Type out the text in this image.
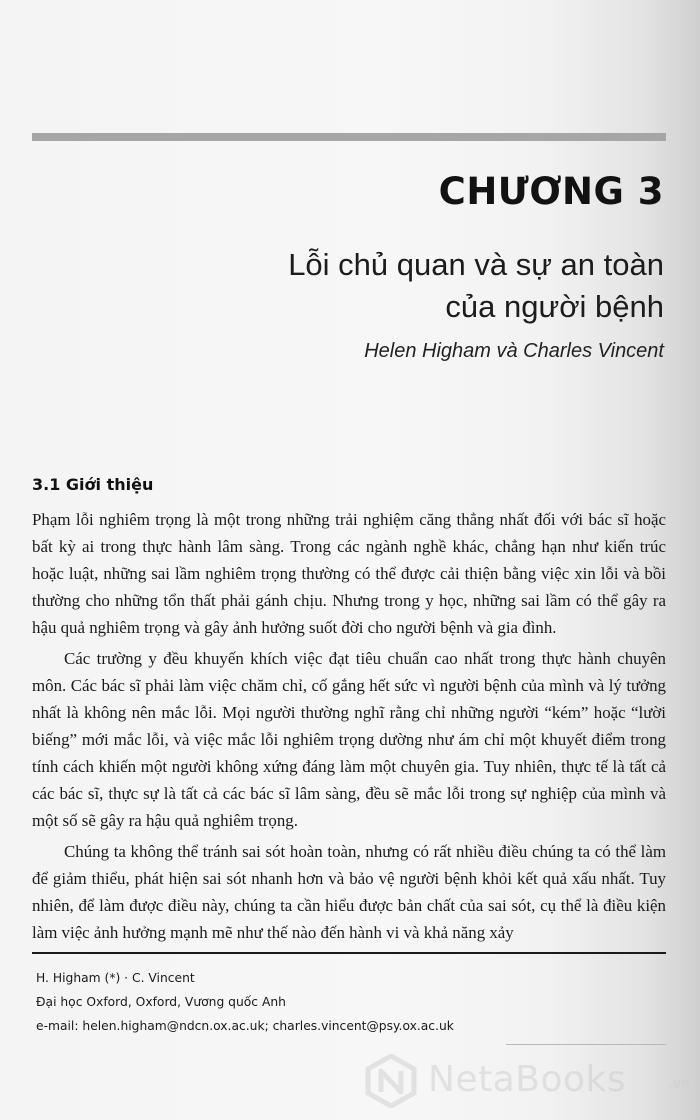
CHƯƠNG 3
Lỗi chủ quan và sự an toàn
của người bệnh

Helen Higham và Charles Vincent

3.1 Giới thiệu

Phạm lỗi nghiêm trọng là một trong những trải nghiệm căng thẳng nhất đối với bác sĩ hoặc bất kỳ ai trong thực hành lâm sàng. Trong các ngành nghề khác, chẳng hạn như kiến trúc hoặc luật, những sai lầm nghiêm trọng thường có thể được cải thiện bằng việc xin lỗi và bồi thường cho những tổn thất phải gánh chịu. Nhưng trong y học, những sai lầm có thể gây ra hậu quả nghiêm trọng và gây ảnh hưởng suốt đời cho người bệnh và gia đình.

Các trường y đều khuyến khích việc đạt tiêu chuẩn cao nhất trong thực hành chuyên môn. Các bác sĩ phải làm việc chăm chỉ, cố gắng hết sức vì người bệnh của mình và lý tưởng nhất là không nên mắc lỗi. Mọi người thường nghĩ rằng chỉ những người “kém” hoặc “lười biếng” mới mắc lỗi, và việc mắc lỗi nghiêm trọng dường như ám chỉ một khuyết điểm trong tính cách khiến một người không xứng đáng làm một chuyên gia. Tuy nhiên, thực tế là tất cả các bác sĩ, thực sự là tất cả các bác sĩ lâm sàng, đều sẽ mắc lỗi trong sự nghiệp của mình và một số sẽ gây ra hậu quả nghiêm trọng.

Chúng ta không thể tránh sai sót hoàn toàn, nhưng có rất nhiều điều chúng ta có thể làm để giảm thiểu, phát hiện sai sót nhanh hơn và bảo vệ người bệnh khỏi kết quả xấu nhất. Tuy nhiên, để làm được điều này, chúng ta cần hiểu được bản chất của sai sót, cụ thể là điều kiện làm việc ảnh hưởng mạnh mẽ như thế nào đến hành vi và khả năng xảy

H. Higham (*) · C. Vincent
Đại học Oxford, Oxford, Vương quốc Anh
e-mail: helen.higham@ndcn.ox.ac.uk; charles.vincent@psy.ox.ac.uk
NetaBooks	.vn
